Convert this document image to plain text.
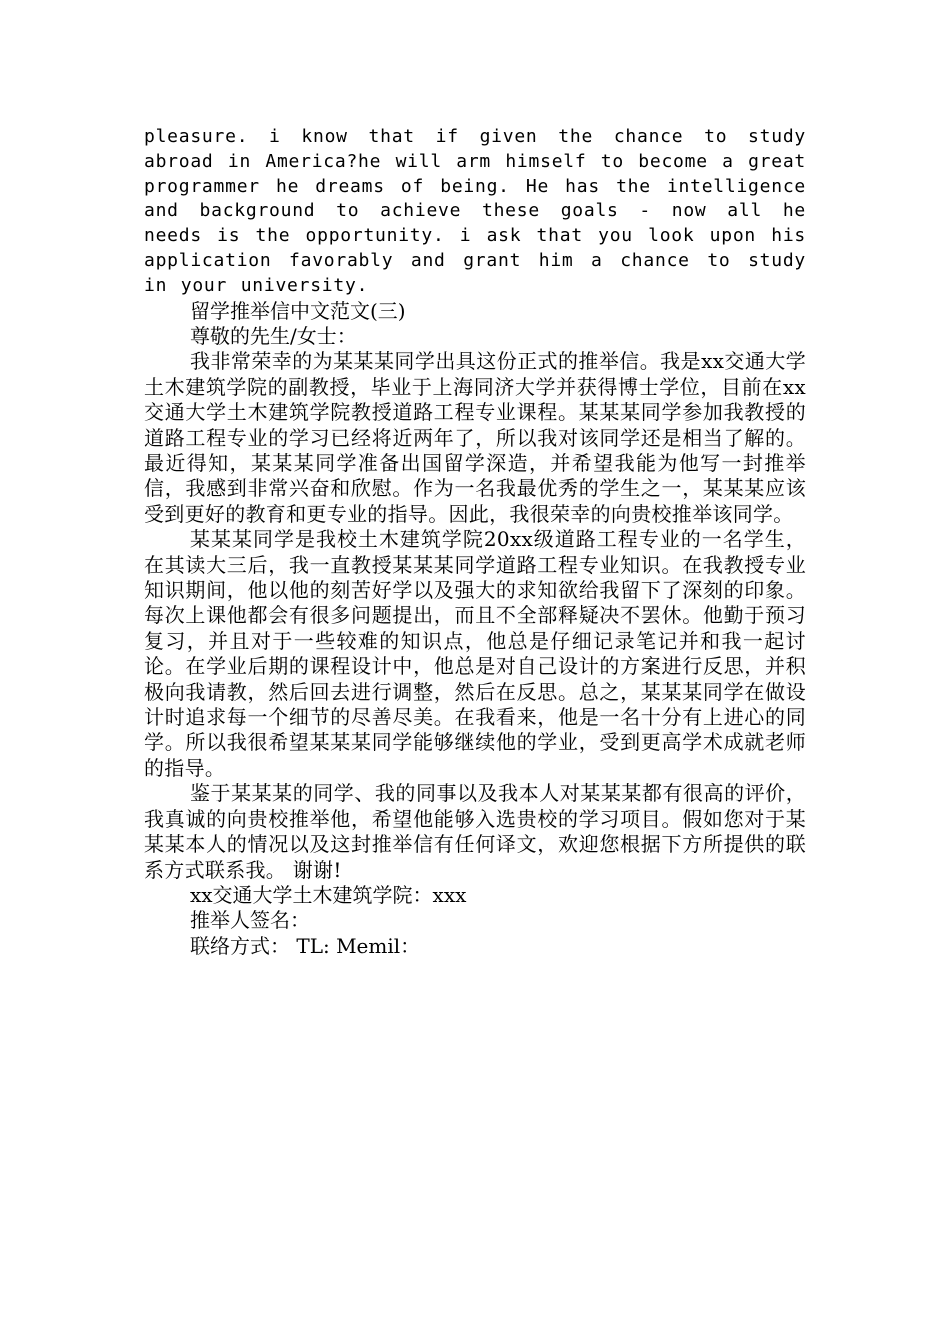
pleasure. i know that if given the chance to study abroad in America?he will arm himself to become a great programmer he dreams of being. He has the intelligence and background to achieve these goals - now all he needs is the opportunity. i ask that you look upon his application favorably and grant him a chance to study in your university.

留学推举信中文范文(三)

尊敬的先生/女士：

我非常荣幸的为某某某同学出具这份正式的推举信。我是xx交通大学土木建筑学院的副教授，毕业于上海同济大学并获得博士学位，目前在xx交通大学土木建筑学院教授道路工程专业课程。某某某同学参加我教授的道路工程专业的学习已经将近两年了，所以我对该同学还是相当了解的。最近得知，某某某同学准备出国留学深造，并希望我能为他写一封推举信，我感到非常兴奋和欣慰。作为一名我最优秀的学生之一，某某某应该受到更好的教育和更专业的指导。因此，我很荣幸的向贵校推举该同学。

某某某同学是我校土木建筑学院20xx级道路工程专业的一名学生，在其读大三后，我一直教授某某某同学道路工程专业知识。在我教授专业知识期间，他以他的刻苦好学以及强大的求知欲给我留下了深刻的印象。每次上课他都会有很多问题提出，而且不全部释疑决不罢休。他勤于预习复习，并且对于一些较难的知识点，他总是仔细记录笔记并和我一起讨论。在学业后期的课程设计中，他总是对自己设计的方案进行反思，并积极向我请教，然后回去进行调整，然后在反思。总之，某某某同学在做设计时追求每一个细节的尽善尽美。在我看来，他是一名十分有上进心的同学。所以我很希望某某某同学能够继续他的学业，受到更高学术成就老师的指导。

鉴于某某某的同学、我的同事以及我本人对某某某都有很高的评价，我真诚的向贵校推举他，希望他能够入选贵校的学习项目。假如您对于某某某本人的情况以及这封推举信有任何译文，欢迎您根据下方所提供的联系方式联系我。 谢谢!

xx交通大学土木建筑学院：xxx

推举人签名：

联络方式： TL: Memil：
